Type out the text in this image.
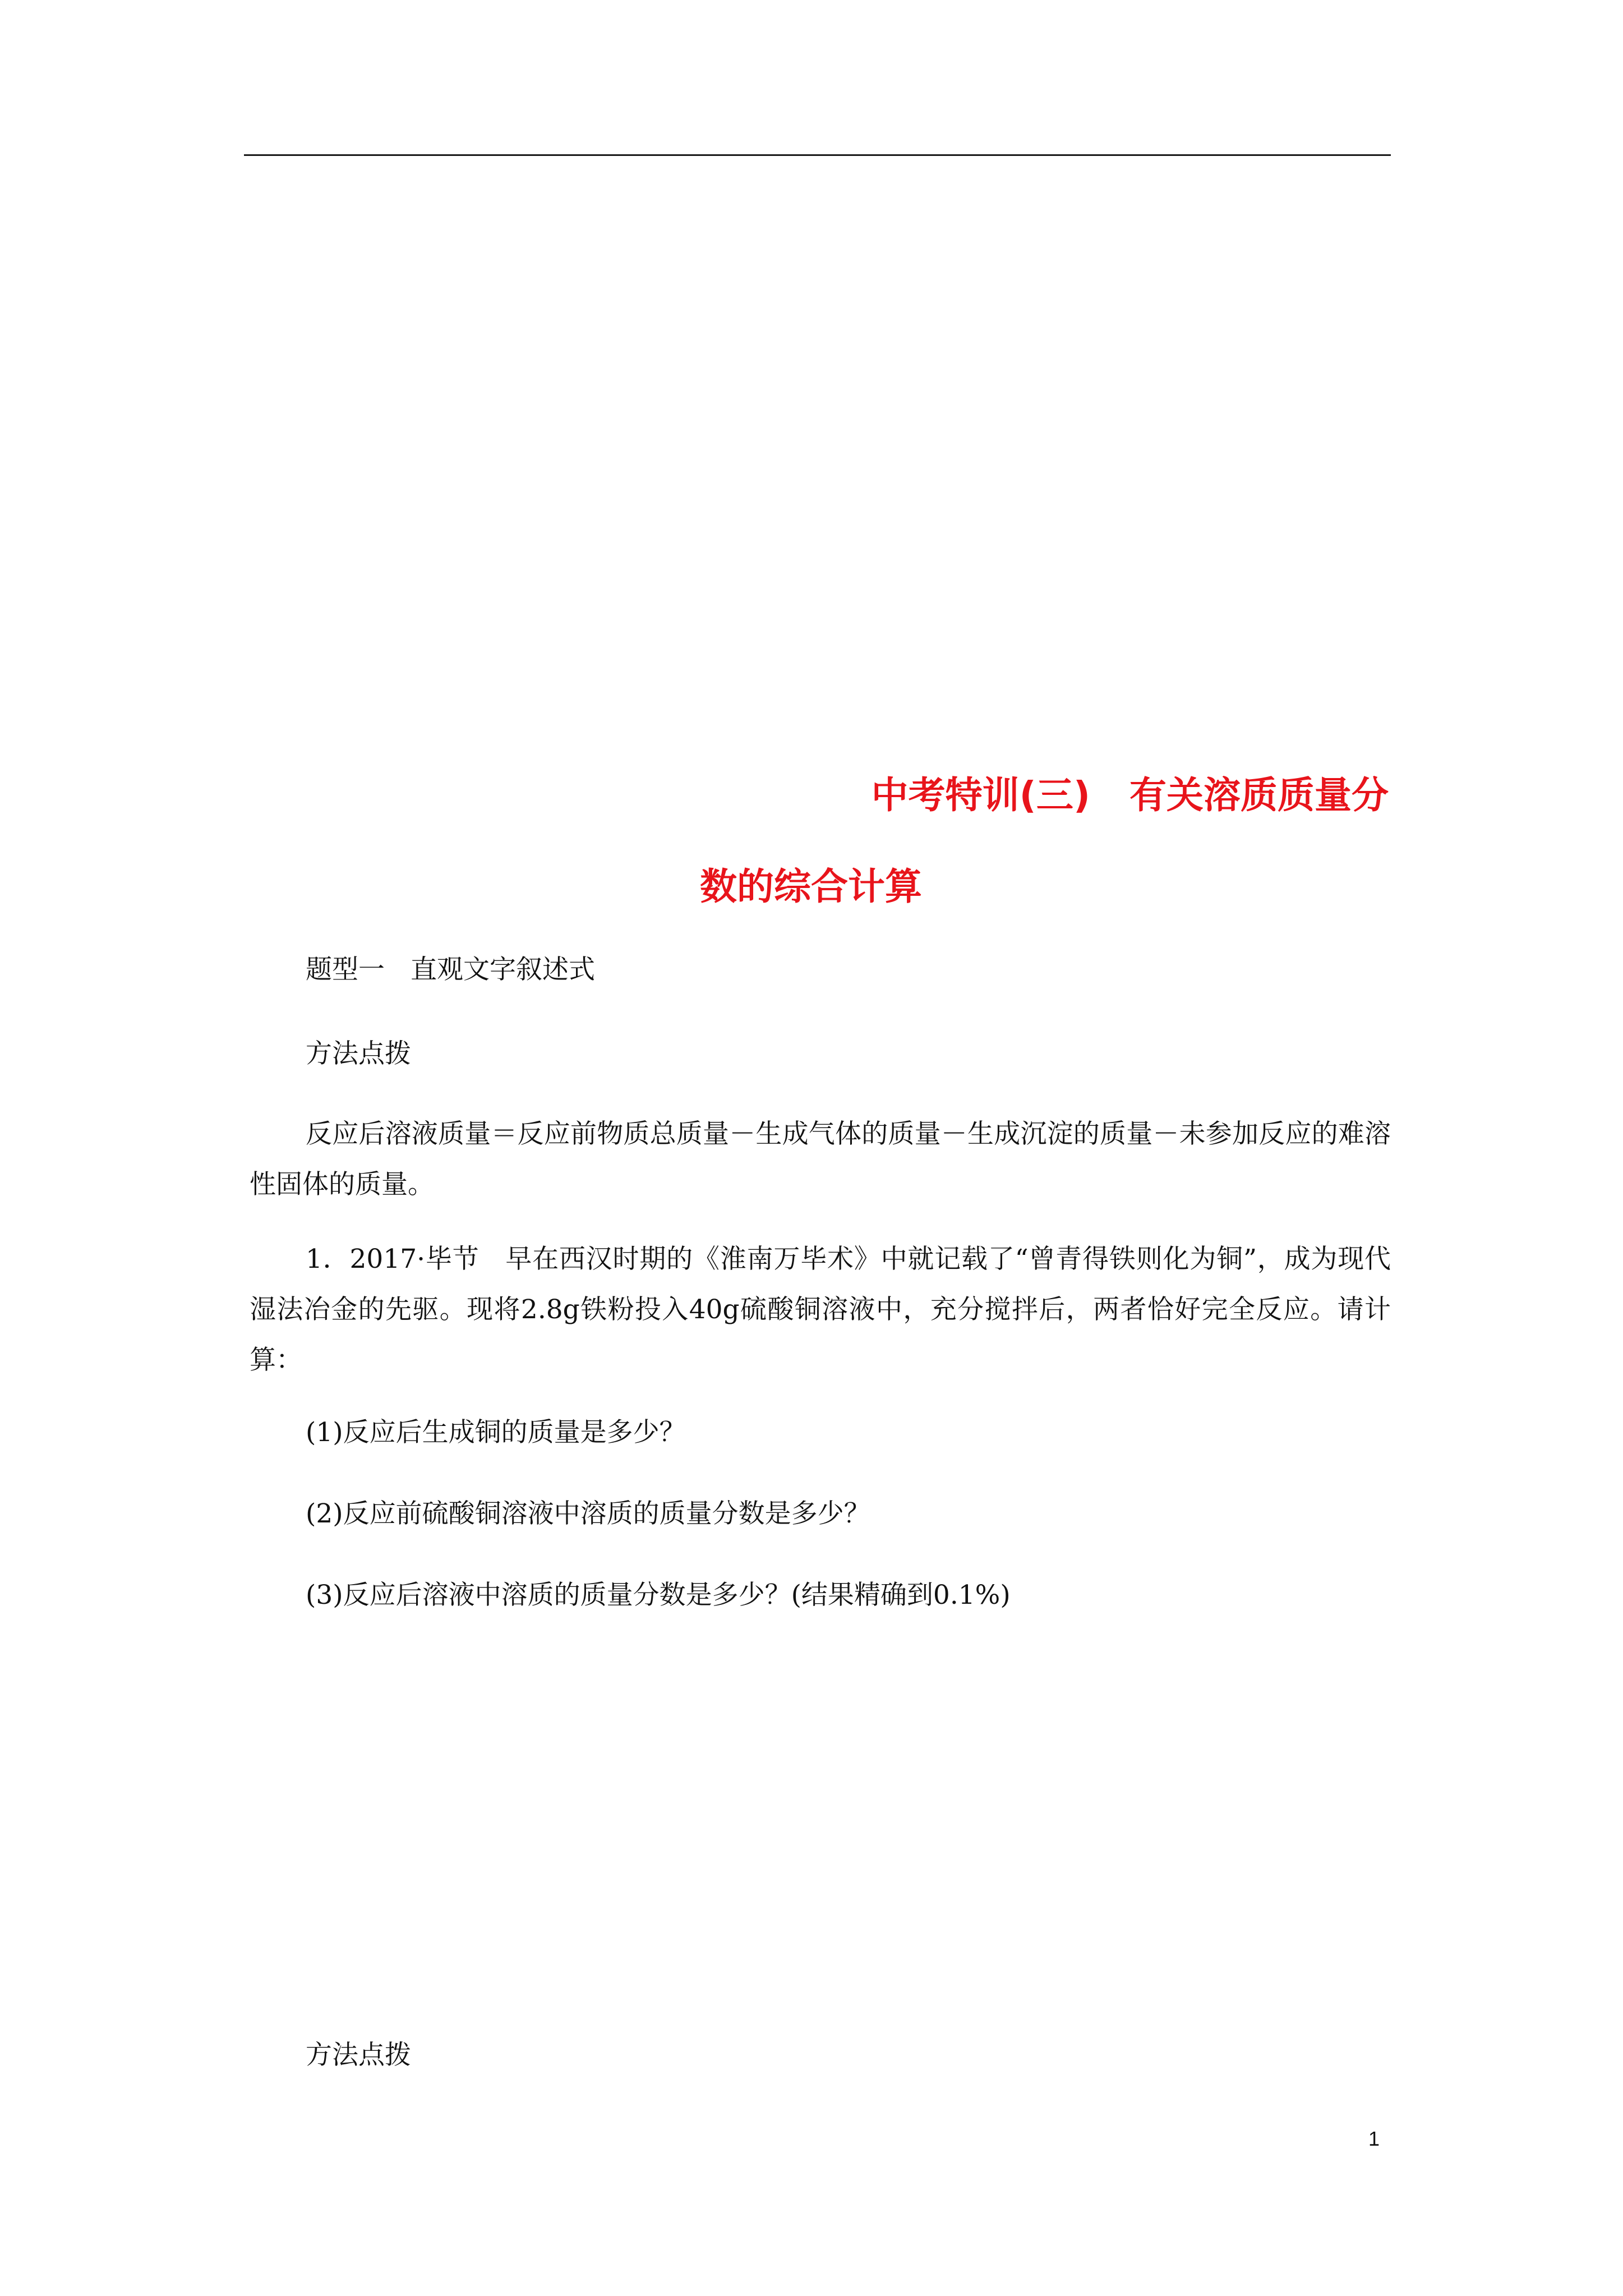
中考特训(三) 有关溶质质量分
数的综合计算
题型一 直观文字叙述式
方法点拨
反应后溶液质量＝反应前物质总质量－生成气体的质量－生成沉淀的质量－未参加反应的难溶性固体的质量。
1．2017·毕节 早在西汉时期的《淮南万毕术》中就记载了“曾青得铁则化为铜”，成为现代湿法冶金的先驱。现将2.8g铁粉投入40g硫酸铜溶液中，充分搅拌后，两者恰好完全反应。请计算：
(1)反应后生成铜的质量是多少？
(2)反应前硫酸铜溶液中溶质的质量分数是多少？
(3)反应后溶液中溶质的质量分数是多少？(结果精确到0.1%)
方法点拨
1
